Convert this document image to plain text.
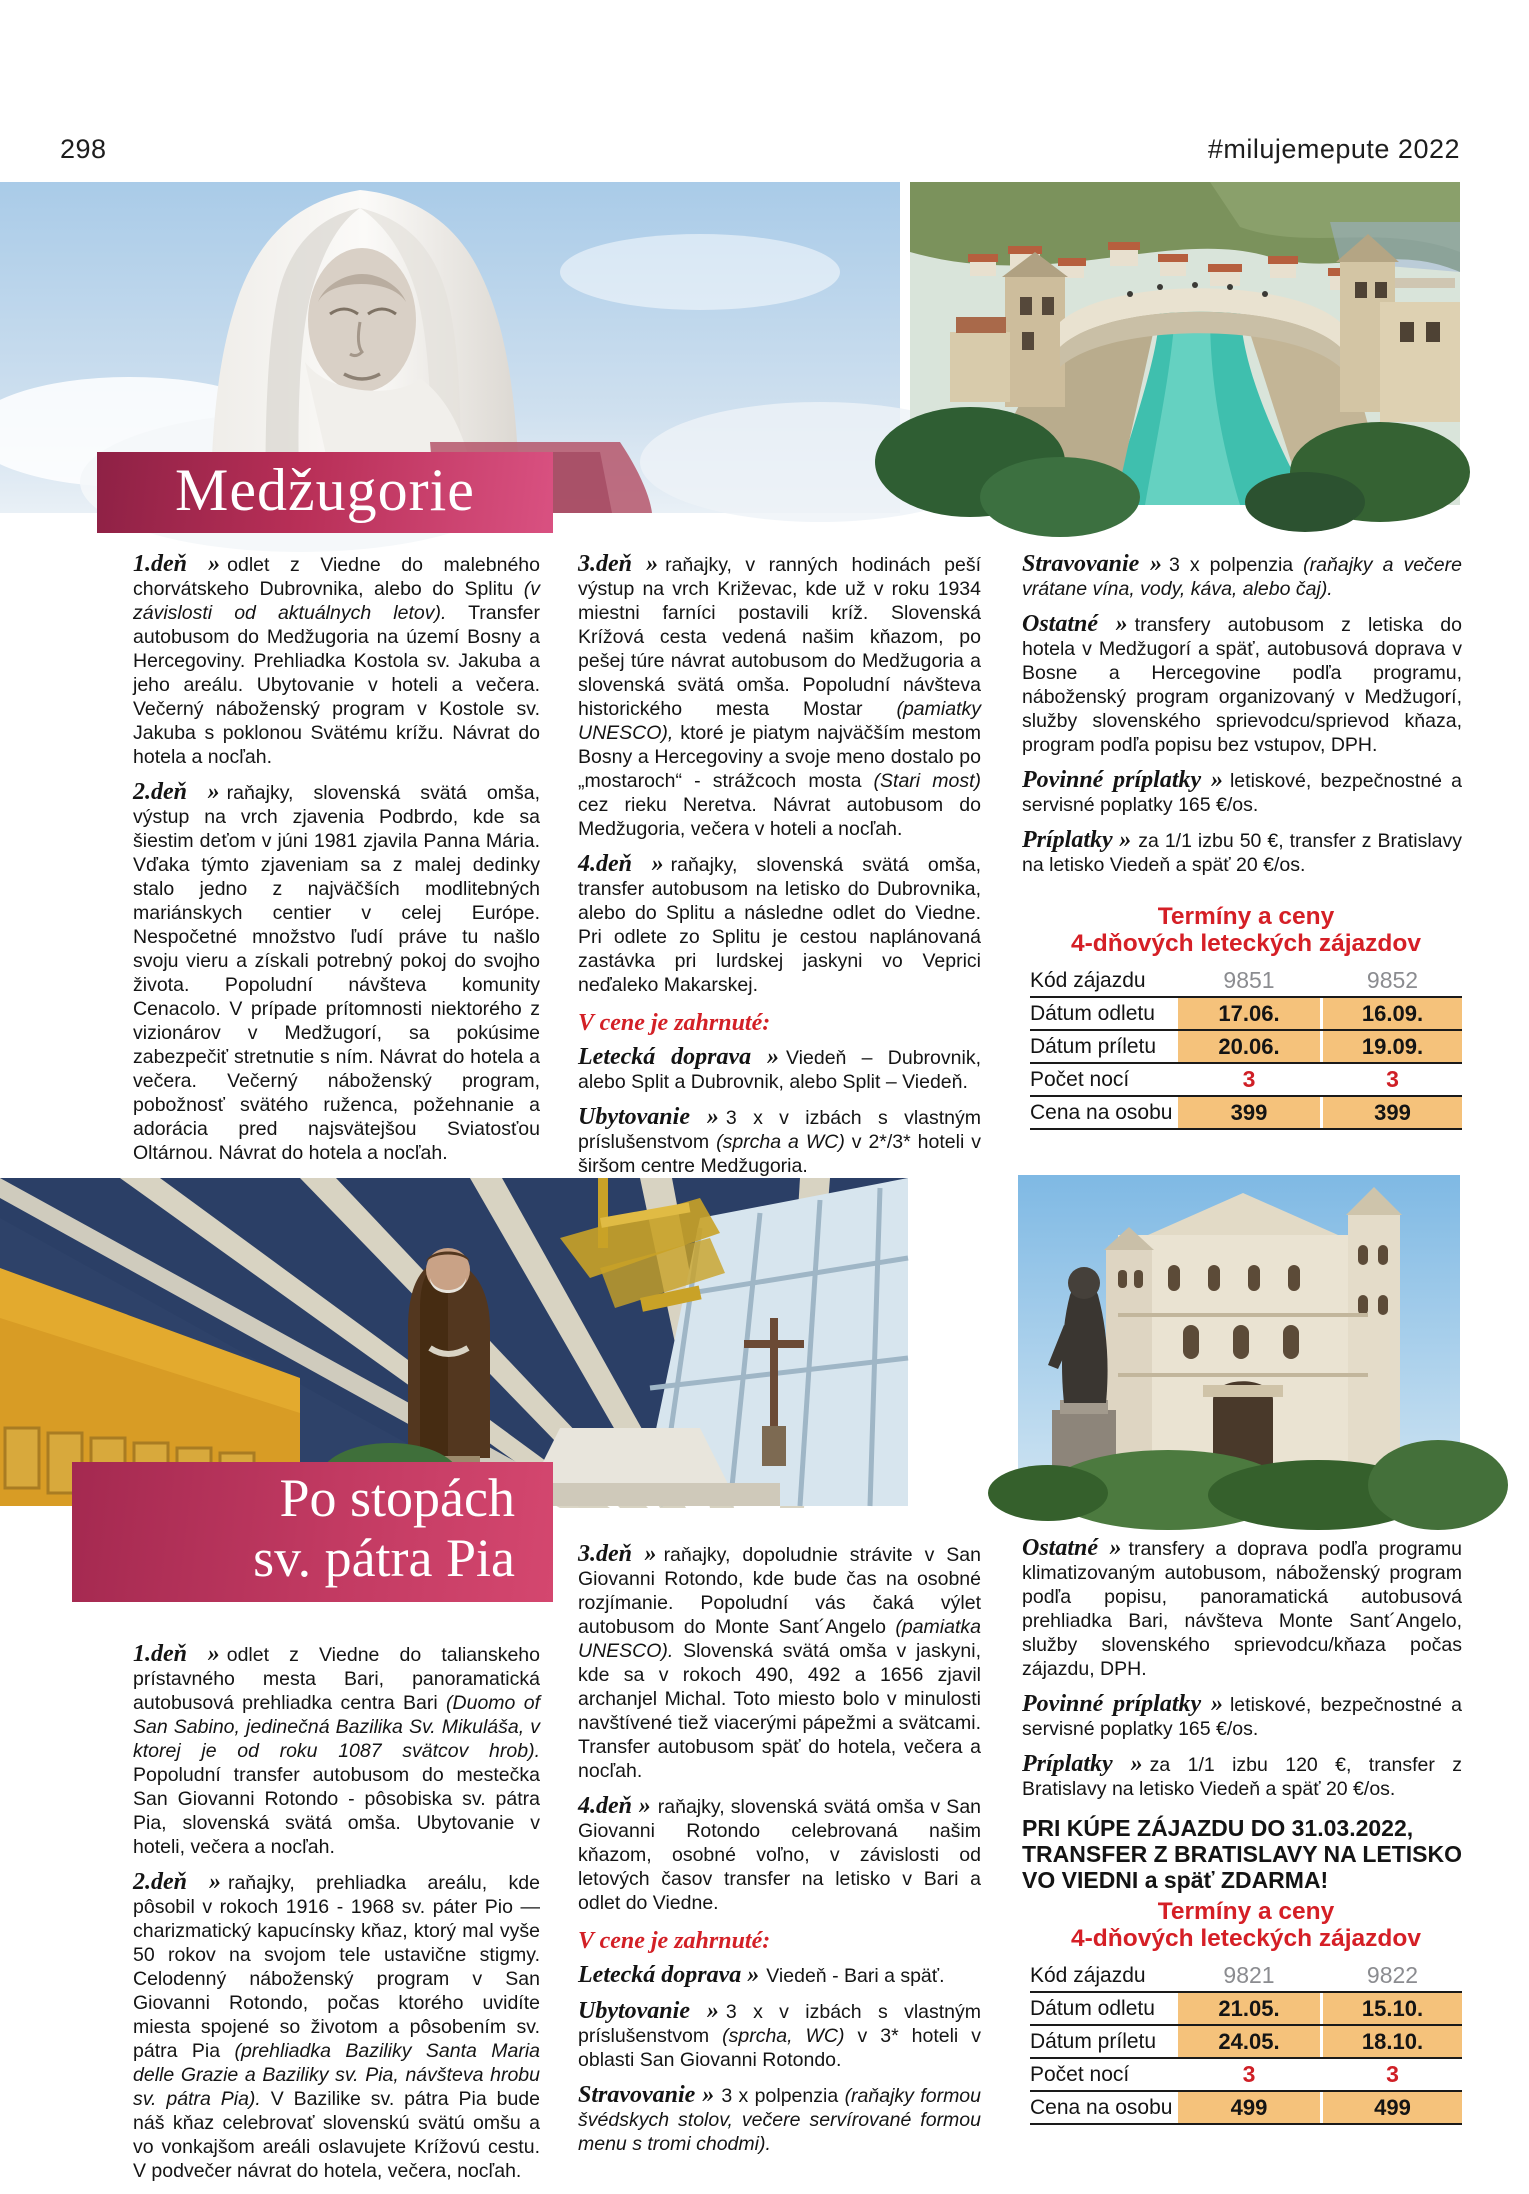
298	#milujemepute 2022
Medžugorie

1.deň » odlet z Viedne do malebného chorvátskeho Dubrovnika, alebo do Splitu (v závislosti od aktuálnych letov). Transfer autobusom do Medžugoria na území Bosny a Hercegoviny. Prehliadka Kostola sv. Jakuba a jeho areálu. Ubytovanie v hoteli a večera. Večerný náboženský program v Kostole sv. Jakuba s poklonou Svätému krížu. Návrat do hotela a nocľah.

2.deň » raňajky, slovenská svätá omša, výstup na vrch zjavenia Podbrdo, kde sa šiestim deťom v júni 1981 zjavila Panna Mária. Vďaka týmto zjaveniam sa z malej dedinky stalo jedno z najväčších modlitebných mariánskych centier v celej Európe. Nespočetné množstvo ľudí práve tu našlo svoju vieru a získali potrebný pokoj do svojho života. Popoludní návšteva komunity Cenacolo. V prípade prítomnosti niektorého z vizionárov v Medžugorí, sa pokúsime zabezpečiť stretnutie s ním. Návrat do hotela a večera. Večerný náboženský program, pobožnosť svätého ruženca, požehnanie a adorácia pred najsvätejšou Sviatosťou Oltárnou. Návrat do hotela a nocľah.

3.deň » raňajky, v ranných hodinách peší výstup na vrch Križevac, kde už v roku 1934 miestni farníci postavili kríž. Slovenská Krížová cesta vedená našim kňazom, po pešej túre návrat autobusom do Medžugoria a slovenská svätá omša. Popoludní návšteva historického mesta Mostar (pamiatky UNESCO), ktoré je piatym najväčším mestom Bosny a Hercegoviny a svoje meno dostalo po „mostaroch“ - strážcoch mosta (Stari most) cez rieku Neretva. Návrat autobusom do Medžugoria, večera v hoteli a nocľah.

4.deň » raňajky, slovenská svätá omša, transfer autobusom na letisko do Dubrovnika, alebo do Splitu a následne odlet do Viedne. Pri odlete zo Splitu je cestou naplánovaná zastávka pri lurdskej jaskyni vo Veprici neďaleko Makarskej.

V cene je zahrnuté:

Letecká doprava » Viedeň – Dubrovnik, alebo Split a Dubrovnik, alebo Split – Viedeň.

Ubytovanie » 3 x v izbách s vlastným príslušenstvom (sprcha a WC) v 2*/3* hoteli v širšom centre Medžugoria.

Stravovanie » 3 x polpenzia (raňajky a večere vrátane vína, vody, káva, alebo čaj).

Ostatné » transfery autobusom z letiska do hotela v Medžugorí a späť, autobusová doprava v Bosne a Hercegovine podľa programu, náboženský program organizovaný v Medžugorí, služby slovenského sprievodcu/sprievod kňaza, program podľa popisu bez vstupov, DPH.

Povinné príplatky » letiskové, bezpečnostné a servisné poplatky 165 €/os.

Príplatky » za 1/1 izbu 50 €, transfer z Bratislavy na letisko Viedeň a späť 20 €/os.

Termíny a ceny
4-dňových leteckých zájazdov
Kód zájazdu	9851	9852
Dátum odletu	17.06.	16.09.
Dátum príletu	20.06.	19.09.
Počet nocí	3	3
Cena na osobu	399	399
Po stopách
sv. pátra Pia

1.deň » odlet z Viedne do talianskeho prístavného mesta Bari, panoramatická autobusová prehliadka centra Bari (Duomo of San Sabino, jedinečná Bazilika Sv. Mikuláša, v ktorej je od roku 1087 svätcov hrob). Popoludní transfer autobusom do mestečka San Giovanni Rotondo - pôsobiska sv. pátra Pia, slovenská svätá omša. Ubytovanie v hoteli, večera a nocľah.

2.deň » raňajky, prehliadka areálu, kde pôsobil v rokoch 1916 - 1968 sv. páter Pio — charizmatický kapucínsky kňaz, ktorý mal vyše 50 rokov na svojom tele ustavične stigmy. Celodenný náboženský program v San Giovanni Rotondo, počas ktorého uvidíte miesta spojené so životom a pôsobením sv. pátra Pia (prehliadka Baziliky Santa Maria delle Grazie a Baziliky sv. Pia, návšteva hrobu sv. pátra Pia). V Bazilike sv. pátra Pia bude náš kňaz celebrovať slovenskú svätú omšu a vo vonkajšom areáli oslavujete Krížovú cestu. V podvečer návrat do hotela, večera, nocľah.

3.deň » raňajky, dopoludnie strávite v San Giovanni Rotondo, kde bude čas na osobné rozjímanie. Popoludní vás čaká výlet autobusom do Monte Sant´Angelo (pamiatka UNESCO). Slovenská svätá omša v jaskyni, kde sa v rokoch 490, 492 a 1656 zjavil archanjel Michal. Toto miesto bolo v minulosti navštívené tiež viacerými pápežmi a svätcami. Transfer autobusom späť do hotela, večera a nocľah.

4.deň » raňajky, slovenská svätá omša v San Giovanni Rotondo celebrovaná našim kňazom, osobné voľno, v závislosti od letových časov transfer na letisko v Bari a odlet do Viedne.

V cene je zahrnuté:

Letecká doprava » Viedeň - Bari a späť.

Ubytovanie » 3 x v izbách s vlastným príslušenstvom (sprcha, WC) v 3* hoteli v oblasti San Giovanni Rotondo.

Stravovanie » 3 x polpenzia (raňajky formou švédskych stolov, večere servírované formou menu s tromi chodmi).

Ostatné » transfery a doprava podľa programu klimatizovaným autobusom, náboženský program podľa popisu, panoramatická autobusová prehliadka Bari, návšteva Monte Sant´Angelo, služby slovenského sprievodcu/kňaza počas zájazdu, DPH.

Povinné príplatky » letiskové, bezpečnostné a servisné poplatky 165 €/os.

Príplatky » za 1/1 izbu 120 €, transfer z Bratislavy na letisko Viedeň a späť 20 €/os.

PRI KÚPE ZÁJAZDU DO 31.03.2022, TRANSFER Z BRATISLAVY NA LETISKO VO VIEDNI a späť ZDARMA!

Termíny a ceny
4-dňových leteckých zájazdov
Kód zájazdu	9821	9822
Dátum odletu	21.05.	15.10.
Dátum príletu	24.05.	18.10.
Počet nocí	3	3
Cena na osobu	499	499
